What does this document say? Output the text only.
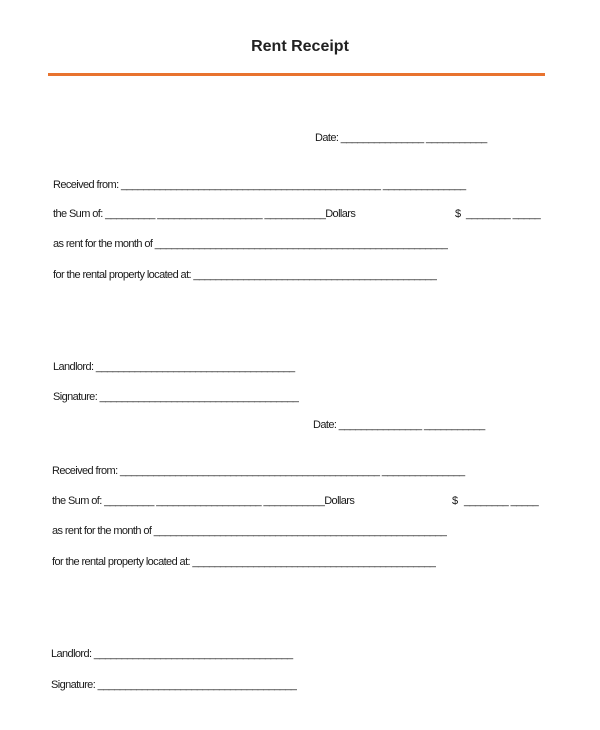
Rent Receipt
Date: _______________ ___________
Received from: _______________________________________________ _______________
the Sum of: _________ ___________________ ___________Dollars	$ ________ _____
as rent for the month of _____________________________________________________
for the rental property located at: ____________________________________________
Landlord: ____________________________________
Signature: ____________________________________
Date: _______________ ___________
Received from: _______________________________________________ _______________
the Sum of: _________ ___________________ ___________Dollars	$ ________ _____
as rent for the month of _____________________________________________________
for the rental property located at: ____________________________________________
Landlord: ____________________________________
Signature: ____________________________________
